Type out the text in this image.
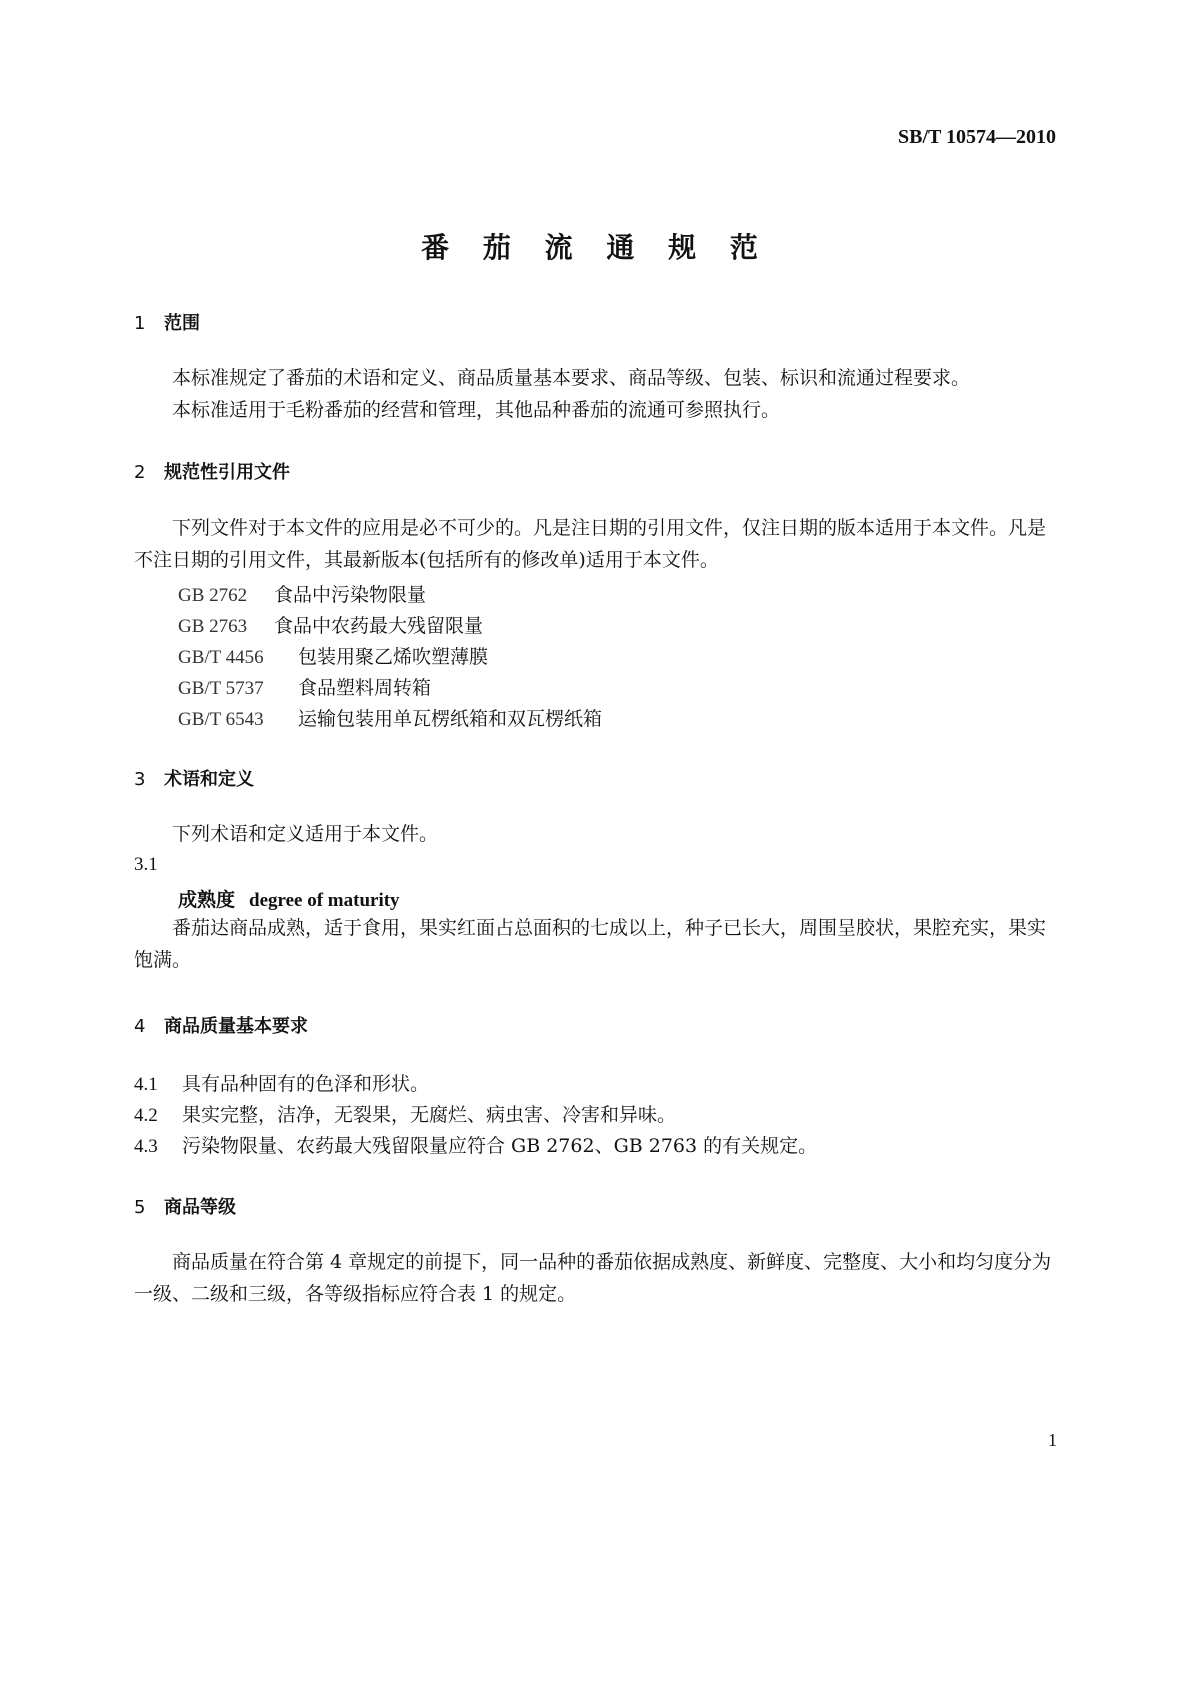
SB/T 10574—2010
番 茄 流 通 规 范
1 范围
本标准规定了番茄的术语和定义、商品质量基本要求、商品等级、包装、标识和流通过程要求。
本标准适用于毛粉番茄的经营和管理，其他品种番茄的流通可参照执行。
2 规范性引用文件
下列文件对于本文件的应用是必不可少的。凡是注日期的引用文件，仅注日期的版本适用于本文件。凡是不注日期的引用文件，其最新版本(包括所有的修改单)适用于本文件。
GB 2762 食品中污染物限量
GB 2763 食品中农药最大残留限量
GB/T 4456 包装用聚乙烯吹塑薄膜
GB/T 5737 食品塑料周转箱
GB/T 6543 运输包装用单瓦楞纸箱和双瓦楞纸箱
3 术语和定义
下列术语和定义适用于本文件。
3.1
成熟度 degree of maturity
番茄达商品成熟，适于食用，果实红面占总面积的七成以上，种子已长大，周围呈胶状，果腔充实，果实饱满。
4 商品质量基本要求
4.1 具有品种固有的色泽和形状。
4.2 果实完整，洁净，无裂果，无腐烂、病虫害、冷害和异味。
4.3 污染物限量、农药最大残留限量应符合 GB 2762、GB 2763 的有关规定。
5 商品等级
商品质量在符合第 4 章规定的前提下，同一品种的番茄依据成熟度、新鲜度、完整度、大小和均匀度分为一级、二级和三级，各等级指标应符合表 1 的规定。
1
